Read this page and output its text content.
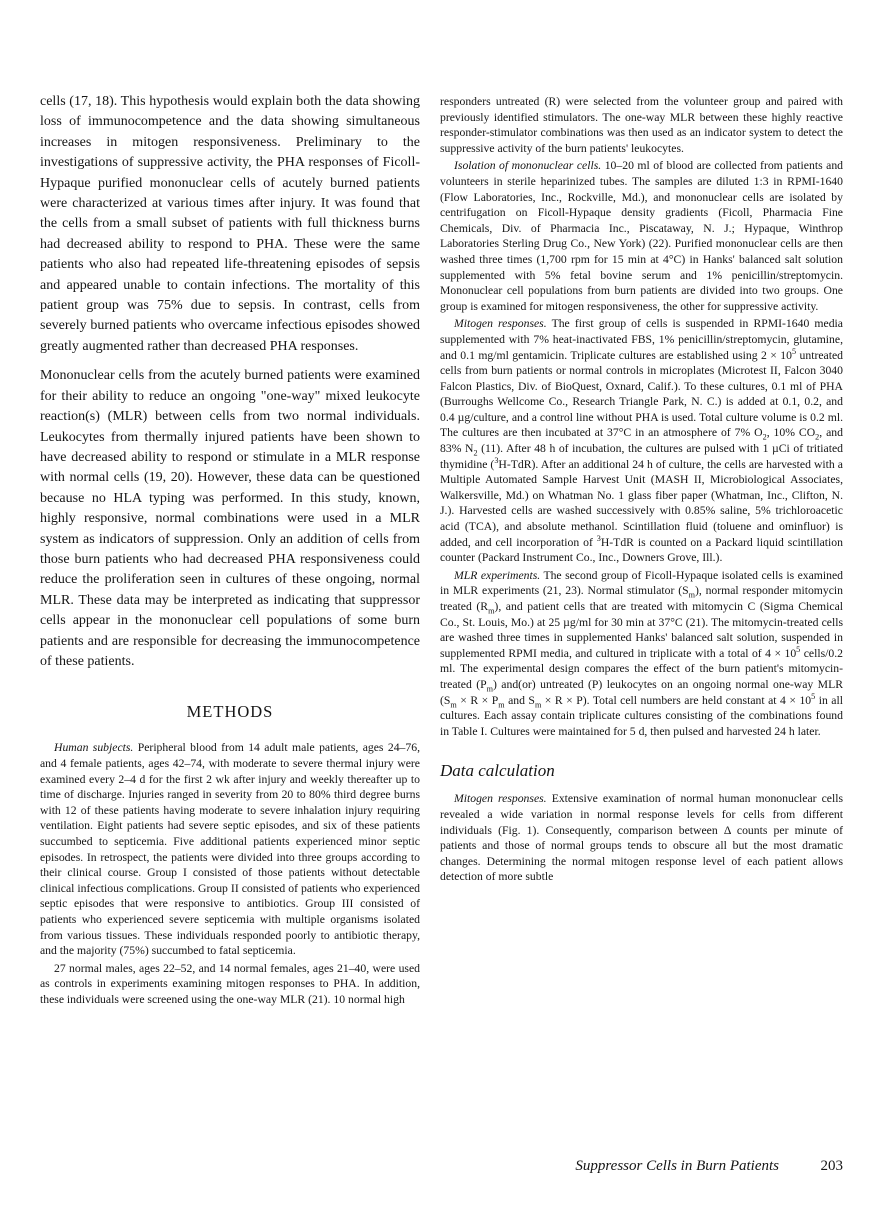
cells (17, 18). This hypothesis would explain both the data showing loss of immunocompetence and the data showing simultaneous increases in mitogen responsiveness. Preliminary to the investigations of suppressive activity, the PHA responses of Ficoll-Hypaque purified mononuclear cells of acutely burned patients were characterized at various times after injury. It was found that the cells from a small subset of patients with full thickness burns had decreased ability to respond to PHA. These were the same patients who also had repeated life-threatening episodes of sepsis and appeared unable to contain infections. The mortality of this patient group was 75% due to sepsis. In contrast, cells from severely burned patients who overcame infectious episodes showed greatly augmented rather than decreased PHA responses.

Mononuclear cells from the acutely burned patients were examined for their ability to reduce an ongoing "one-way" mixed leukocyte reaction(s) (MLR) between cells from two normal individuals. Leukocytes from thermally injured patients have been shown to have decreased ability to respond or stimulate in a MLR response with normal cells (19, 20). However, these data can be questioned because no HLA typing was performed. In this study, known, highly responsive, normal combinations were used in a MLR system as indicators of suppression. Only an addition of cells from those burn patients who had decreased PHA responsiveness could reduce the proliferation seen in cultures of these ongoing, normal MLR. These data may be interpreted as indicating that suppressor cells appear in the mononuclear cell populations of some burn patients and are responsible for decreasing the immunocompetence of these patients.

METHODS

Human subjects. Peripheral blood from 14 adult male patients, ages 24–76, and 4 female patients, ages 42–74, with moderate to severe thermal injury were examined every 2–4 d for the first 2 wk after injury and weekly thereafter up to time of discharge. Injuries ranged in severity from 20 to 80% third degree burns with 12 of these patients having moderate to severe inhalation injury requiring ventilation. Eight patients had severe septic episodes, and six of these patients succumbed to septicemia. Five additional patients experienced minor septic episodes. In retrospect, the patients were divided into three groups according to their clinical course. Group I consisted of those patients without detectable clinical infectious complications. Group II consisted of patients who experienced septic episodes that were responsive to antibiotics. Group III consisted of patients who experienced severe septicemia with multiple organisms isolated from various tissues. These individuals responded poorly to antibiotic therapy, and the majority (75%) succumbed to fatal septicemia.

27 normal males, ages 22–52, and 14 normal females, ages 21–40, were used as controls in experiments examining mitogen responses to PHA. In addition, these individuals were screened using the one-way MLR (21). 10 normal high

responders untreated (R) were selected from the volunteer group and paired with previously identified stimulators. The one-way MLR between these highly reactive responder-stimulator combinations was then used as an indicator system to detect the suppressive activity of the burn patients' leukocytes.

Isolation of mononuclear cells. 10–20 ml of blood are collected from patients and volunteers in sterile heparinized tubes. The samples are diluted 1:3 in RPMI-1640 (Flow Laboratories, Inc., Rockville, Md.), and mononuclear cells are isolated by centrifugation on Ficoll-Hypaque density gradients (Ficoll, Pharmacia Fine Chemicals, Div. of Pharmacia Inc., Piscataway, N. J.; Hypaque, Winthrop Laboratories Sterling Drug Co., New York) (22). Purified mononuclear cells are then washed three times (1,700 rpm for 15 min at 4°C) in Hanks' balanced salt solution supplemented with 5% fetal bovine serum and 1% penicillin/streptomycin. Mononuclear cell populations from burn patients are divided into two groups. One group is examined for mitogen responsiveness, the other for suppressive activity.

Mitogen responses. The first group of cells is suspended in RPMI-1640 media supplemented with 7% heat-inactivated FBS, 1% penicillin/streptomycin, glutamine, and 0.1 mg/ml gentamicin. Triplicate cultures are established using $2 \times 10^5$ untreated cells from burn patients or normal controls in microplates (Microtest II, Falcon 3040 Falcon Plastics, Div. of BioQuest, Oxnard, Calif.). To these cultures, 0.1 ml of PHA (Burroughs Wellcome Co., Research Triangle Park, N. C.) is added at 0.1, 0.2, and 0.4 µg/culture, and a control line without PHA is used. Total culture volume is 0.2 ml. The cultures are then incubated at 37°C in an atmosphere of 7% $O_2$, 10% $CO_2$, and 83% $N_2$ (11). After 48 h of incubation, the cultures are pulsed with 1 µCi of tritiated thymidine ($^3$H-TdR). After an additional 24 h of culture, the cells are harvested with a Multiple Automated Sample Harvest Unit (MASH II, Microbiological Associates, Walkersville, Md.) on Whatman No. 1 glass fiber paper (Whatman, Inc., Clifton, N. J.). Harvested cells are washed successively with 0.85% saline, 5% trichloroacetic acid (TCA), and absolute methanol. Scintillation fluid (toluene and ominfluor) is added, and cell incorporation of $^3$H-TdR is counted on a Packard liquid scintillation counter (Packard Instrument Co., Inc., Downers Grove, Ill.).

MLR experiments. The second group of Ficoll-Hypaque isolated cells is examined in MLR experiments (21, 23). Normal stimulator $(S_m)$, normal responder mitomycin treated $(R_m)$, and patient cells that are treated with mitomycin C (Sigma Chemical Co., St. Louis, Mo.) at 25 µg/ml for 30 min at 37°C (21). The mitomycin-treated cells are washed three times in supplemented Hanks' balanced salt solution, suspended in supplemented RPMI media, and cultured in triplicate with a total of $4 \times 10^5$ cells/0.2 ml. The experimental design compares the effect of the burn patient's mitomycin-treated $(P_m)$ and(or) untreated (P) leukocytes on an ongoing normal one-way MLR ($S_m \times R \times P_m$ and $S_m \times R \times P$). Total cell numbers are held constant at $4 \times 10^5$ in all cultures. Each assay contain triplicate cultures consisting of the combinations found in Table I. Cultures were maintained for 5 d, then pulsed and harvested 24 h later.

Data calculation

Mitogen responses. Extensive examination of normal human mononuclear cells revealed a wide variation in normal response levels for cells from different individuals (Fig. 1). Consequently, comparison between Δ counts per minute of patients and those of normal groups tends to obscure all but the most dramatic changes. Determining the normal mitogen response level of each patient allows detection of more subtle

Suppressor Cells in Burn Patients	203
